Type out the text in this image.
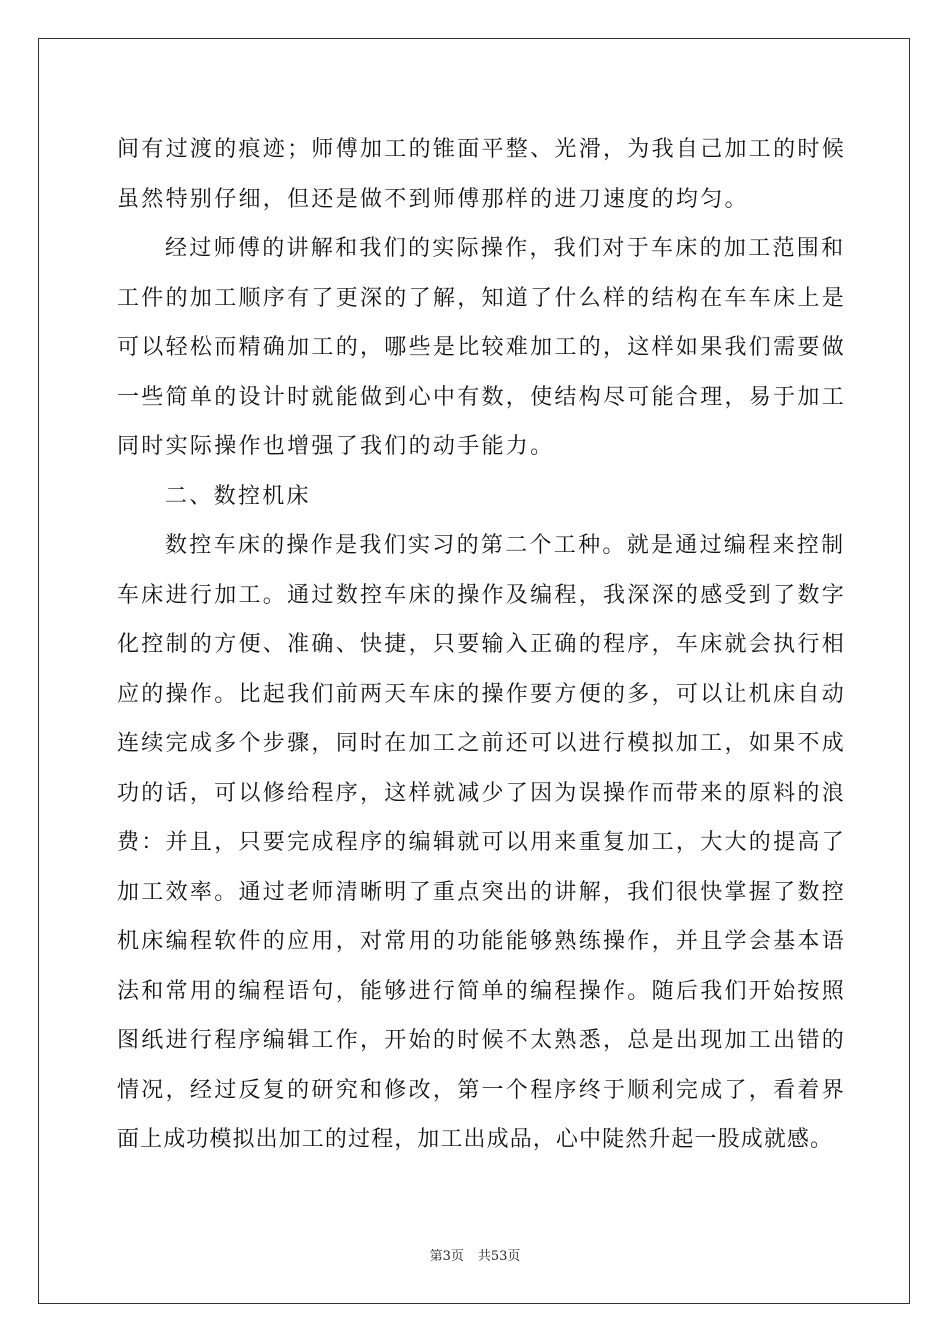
间有过渡的痕迹；师傅加工的锥面平整、光滑，为我自己加工的时候
虽然特别仔细，但还是做不到师傅那样的进刀速度的均匀。
经过师傅的讲解和我们的实际操作，我们对于车床的加工范围和
工件的加工顺序有了更深的了解，知道了什么样的结构在车车床上是
可以轻松而精确加工的，哪些是比较难加工的，这样如果我们需要做
一些简单的设计时就能做到心中有数，使结构尽可能合理，易于加工
同时实际操作也增强了我们的动手能力。
二、数控机床
数控车床的操作是我们实习的第二个工种。就是通过编程来控制
车床进行加工。通过数控车床的操作及编程，我深深的感受到了数字
化控制的方便、准确、快捷，只要输入正确的程序，车床就会执行相
应的操作。比起我们前两天车床的操作要方便的多，可以让机床自动
连续完成多个步骤，同时在加工之前还可以进行模拟加工，如果不成
功的话，可以修给程序，这样就减少了因为误操作而带来的原料的浪
费：并且，只要完成程序的编辑就可以用来重复加工，大大的提高了
加工效率。通过老师清晰明了重点突出的讲解，我们很快掌握了数控
机床编程软件的应用，对常用的功能能够熟练操作，并且学会基本语
法和常用的编程语句，能够进行简单的编程操作。随后我们开始按照
图纸进行程序编辑工作，开始的时候不太熟悉，总是出现加工出错的
情况，经过反复的研究和修改，第一个程序终于顺利完成了，看着界
面上成功模拟出加工的过程，加工出成品，心中陡然升起一股成就感。
第3页 共53页
